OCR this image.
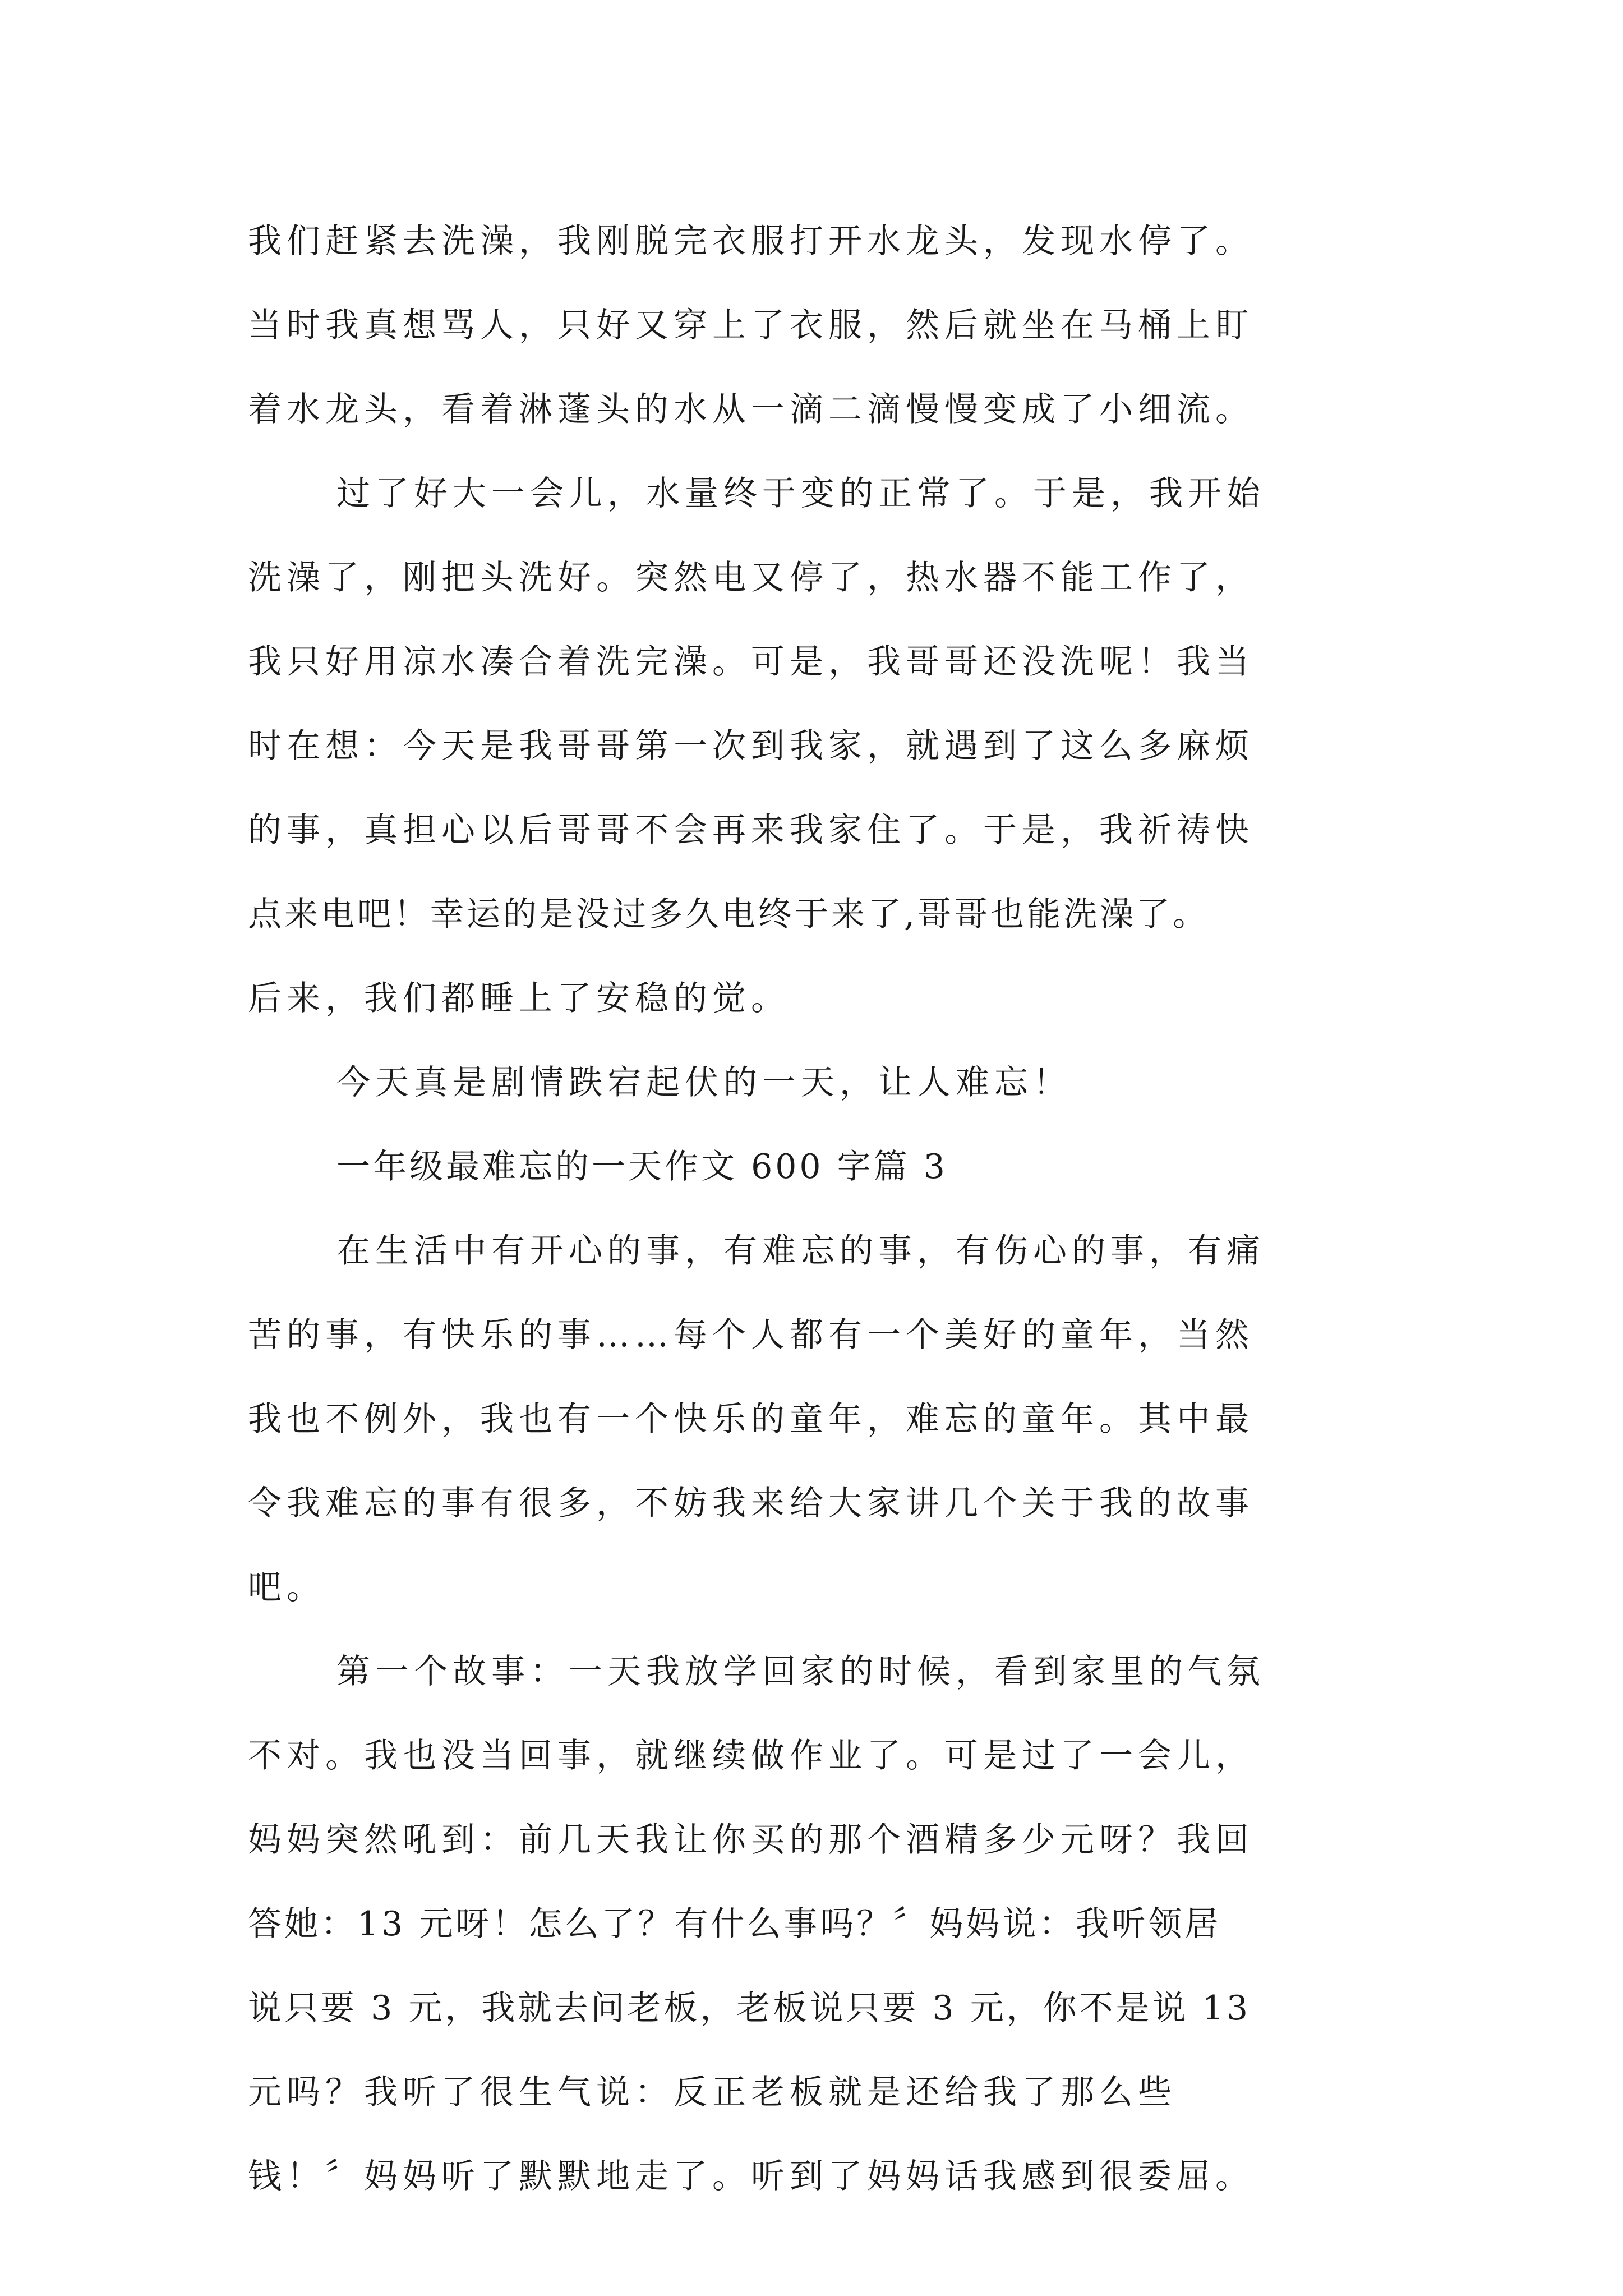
我们赶紧去洗澡，我刚脱完衣服打开水龙头，发现水停了。
当时我真想骂人，只好又穿上了衣服，然后就坐在马桶上盯
着水龙头，看着淋蓬头的水从一滴二滴慢慢变成了小细流。
过了好大一会儿，水量终于变的正常了。于是，我开始
洗澡了，刚把头洗好。突然电又停了，热水器不能工作了，
我只好用凉水凑合着洗完澡。可是，我哥哥还没洗呢！我当
时在想：今天是我哥哥第一次到我家，就遇到了这么多麻烦
的事，真担心以后哥哥不会再来我家住了。于是，我祈祷快
点来电吧！幸运的是没过多久电终于来了,哥哥也能洗澡了。
后来，我们都睡上了安稳的觉。
今天真是剧情跌宕起伏的一天，让人难忘！
一年级最难忘的一天作文 600 字篇 3
在生活中有开心的事，有难忘的事，有伤心的事，有痛
苦的事，有快乐的事……每个人都有一个美好的童年，当然
我也不例外，我也有一个快乐的童年，难忘的童年。其中最
令我难忘的事有很多，不妨我来给大家讲几个关于我的故事
吧。
第一个故事：一天我放学回家的时候，看到家里的气氛
不对。我也没当回事，就继续做作业了。可是过了一会儿，
妈妈突然吼到：前几天我让你买的那个酒精多少元呀？我回
答她：13 元呀！怎么了？有什么事吗？〞妈妈说：我听领居
说只要 3 元，我就去问老板，老板说只要 3 元，你不是说 13
元吗？我听了很生气说：反正老板就是还给我了那么些
钱！〞妈妈听了默默地走了。听到了妈妈话我感到很委屈。
